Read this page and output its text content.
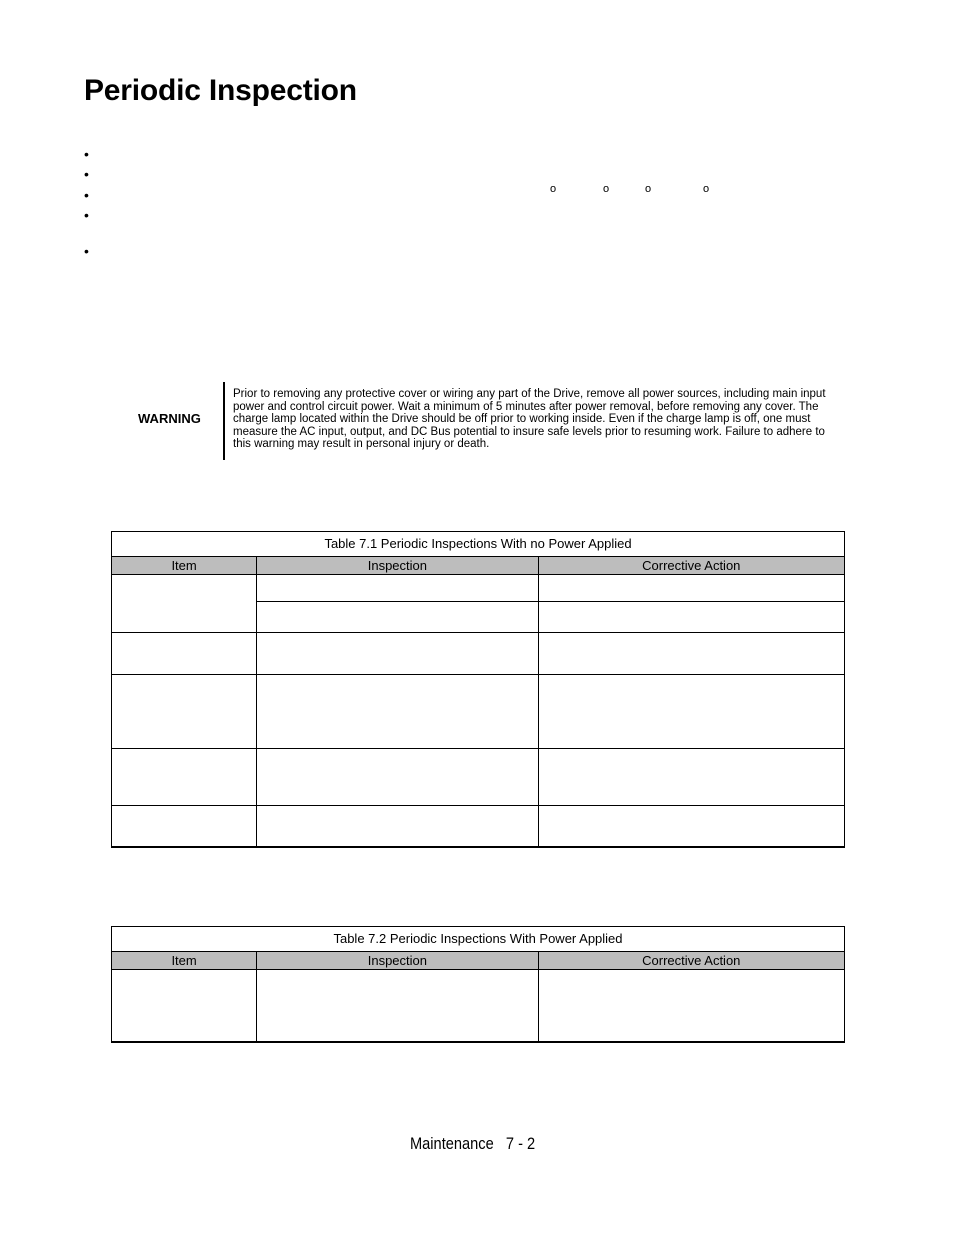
Periodic Inspection
•
•
•
•
•
o	o	o	o
WARNING
Prior to removing any protective cover or wiring any part of the Drive, remove all power sources, including main input power and control circuit power. Wait a minimum of 5 minutes after power removal, before removing any cover. The charge lamp located within the Drive should be off prior to working inside. Even if the charge lamp is off, one must measure the AC input, output, and DC Bus potential to insure safe levels prior to resuming work. Failure to adhere to this warning may result in personal injury or death.
Table 7.1 Periodic Inspections With no Power Applied		
Item	Inspection	Corrective Action

Table 7.2 Periodic Inspections With Power Applied		
Item	Inspection	Corrective Action

Maintenance   7 - 2
